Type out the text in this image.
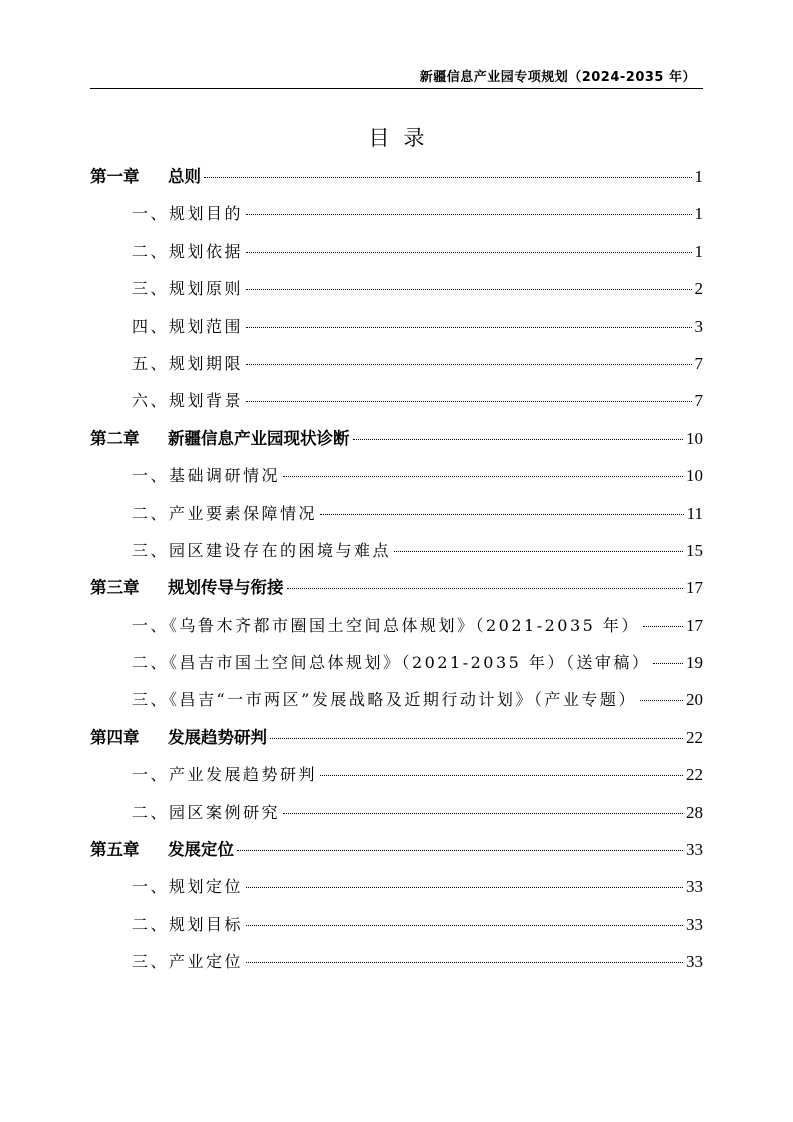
新疆信息产业园专项规划（2024-2035 年）
目录
第一章	总则	1
一、规划目的	1
二、规划依据	1
三、规划原则	2
四、规划范围	3
五、规划期限	7
六、规划背景	7
第二章	新疆信息产业园现状诊断	10
一、基础调研情况	10
二、产业要素保障情况	11
三、园区建设存在的困境与难点	15
第三章	规划传导与衔接	17
一、《乌鲁木齐都市圈国土空间总体规划》（2021-2035 年）	17
二、《昌吉市国土空间总体规划》（2021-2035 年）（送审稿） 19
三、《昌吉“一市两区”发展战略及近期行动计划》（产业专题）	20
第四章	发展趋势研判	22
一、产业发展趋势研判	22
二、园区案例研究	28
第五章	发展定位	33
一、规划定位	33
二、规划目标	33
三、产业定位	33
